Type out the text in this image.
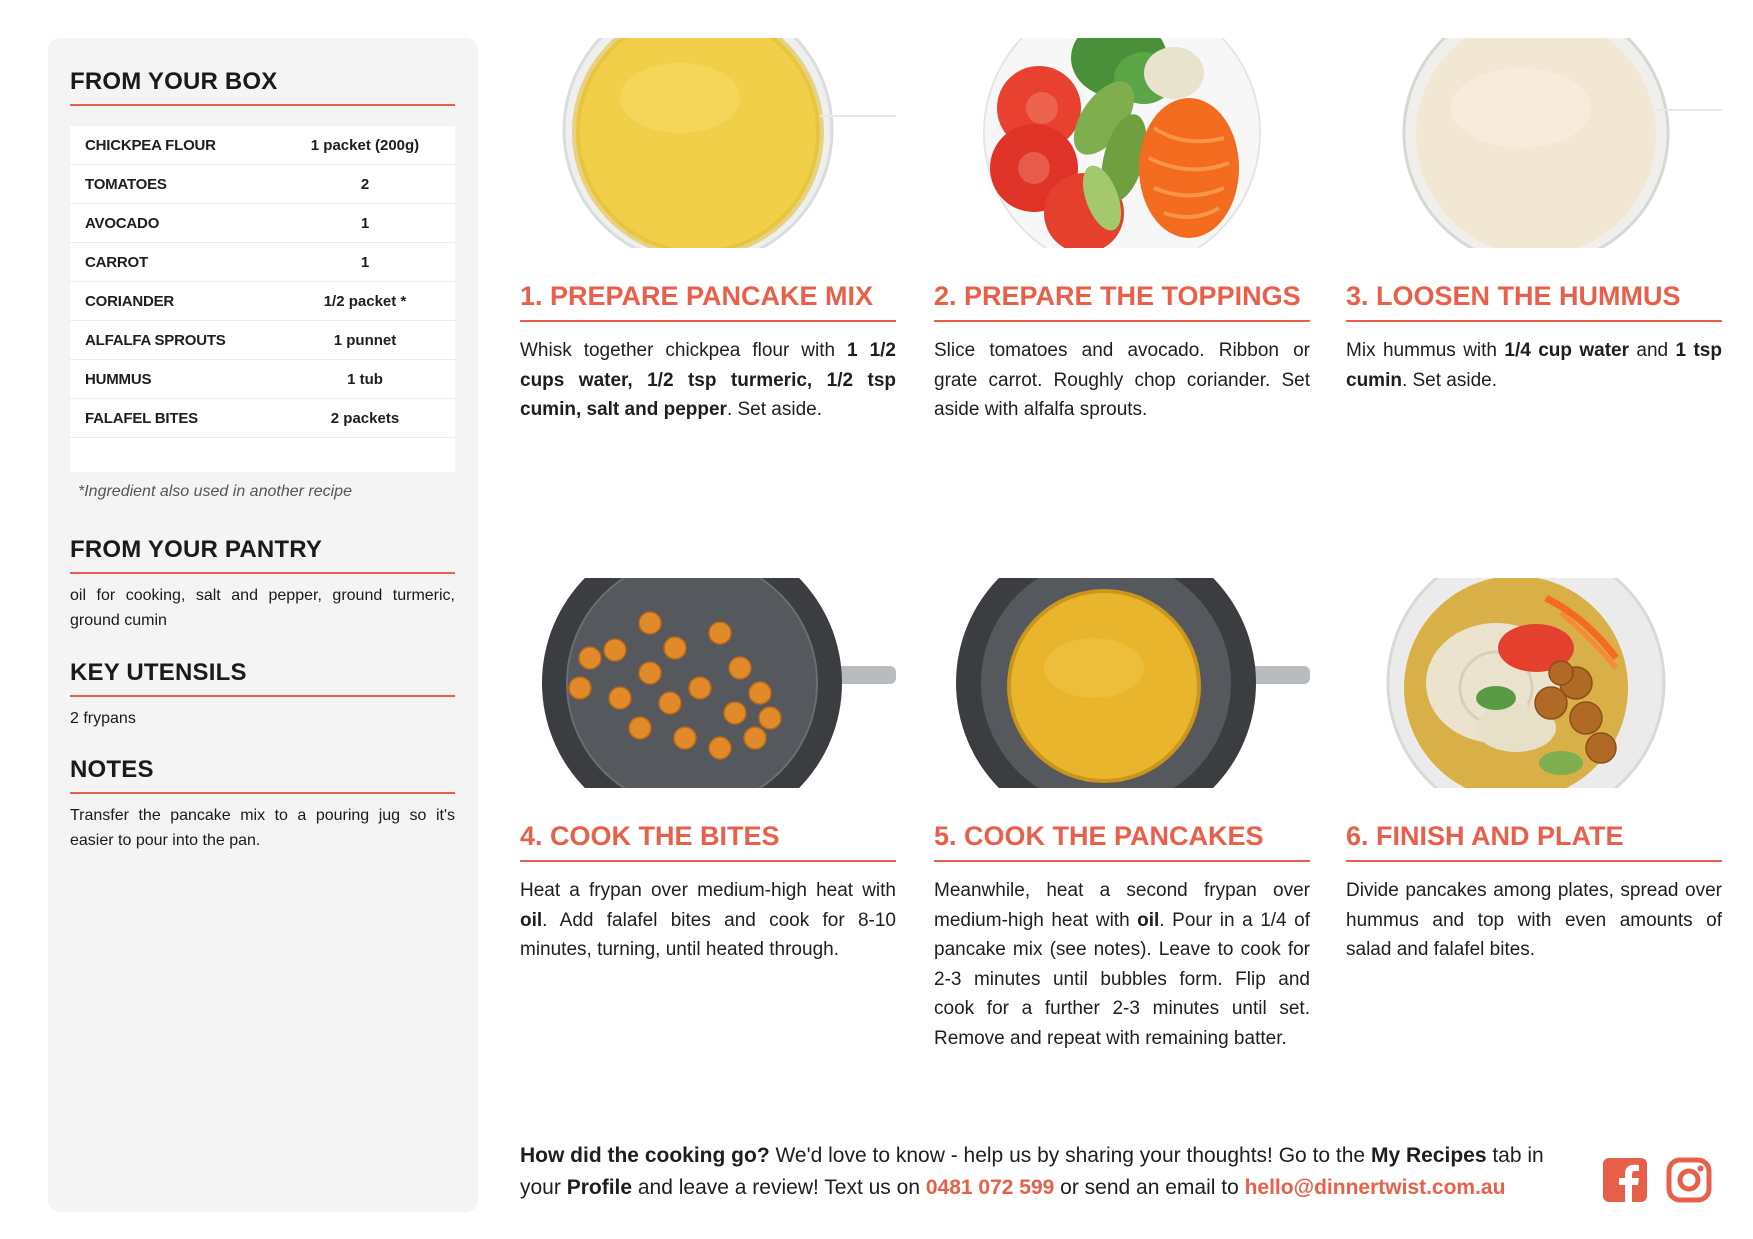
FROM YOUR BOX
CHICKPEA FLOUR	1 packet (200g)
TOMATOES	2
AVOCADO	1
CARROT	1
CORIANDER	1/2 packet *
ALFALFA SPROUTS	1 punnet
HUMMUS	1 tub
FALAFEL BITES	2 packets
*Ingredient also used in another recipe
FROM YOUR PANTRY
oil for cooking, salt and pepper, ground turmeric, ground cumin
KEY UTENSILS
2 frypans
NOTES
Transfer the pancake mix to a pouring jug so it's easier to pour into the pan.
1. PREPARE PANCAKE MIX
Whisk together chickpea flour with 1 1/2 cups water, 1/2 tsp turmeric, 1/2 tsp cumin, salt and pepper. Set aside.
2. PREPARE THE TOPPINGS
Slice tomatoes and avocado. Ribbon or grate carrot. Roughly chop coriander. Set aside with alfalfa sprouts.
3. LOOSEN THE HUMMUS
Mix hummus with 1/4 cup water and 1 tsp cumin. Set aside.
4. COOK THE BITES
Heat a frypan over medium-high heat with oil. Add falafel bites and cook for 8-10 minutes, turning, until heated through.
5. COOK THE PANCAKES
Meanwhile, heat a second frypan over medium-high heat with oil. Pour in a 1/4 of pancake mix (see notes). Leave to cook for 2-3 minutes until bubbles form. Flip and cook for a further 2-3 minutes until set. Remove and repeat with remaining batter.
6. FINISH AND PLATE
Divide pancakes among plates, spread over hummus and top with even amounts of salad and falafel bites.
How did the cooking go? We'd love to know - help us by sharing your thoughts! Go to the My Recipes tab in your Profile and leave a review! Text us on 0481 072 599 or send an email to hello@dinnertwist.com.au
